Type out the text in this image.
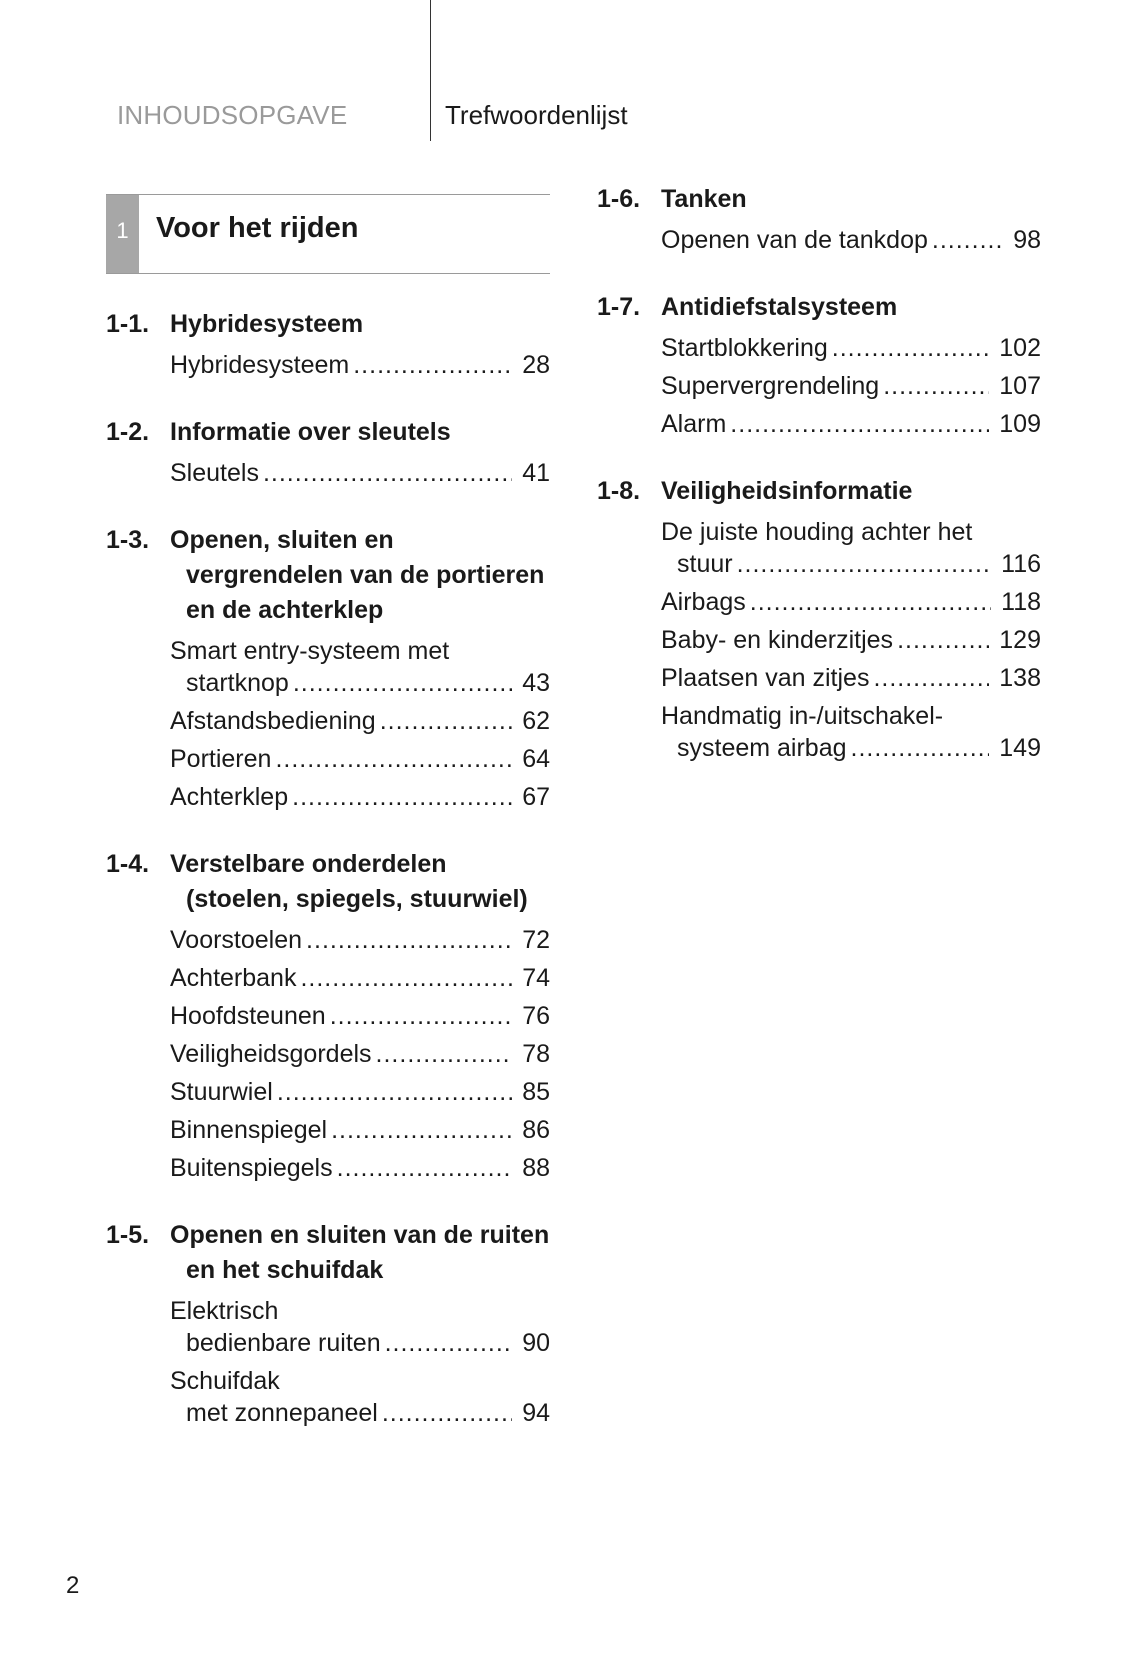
INHOUDSOPGAVE	Trefwoordenlijst
1 Voor het rijden
1-1. Hybridesysteem
Hybridesysteem .....	28
1-2. Informatie over sleutels
Sleutels .....	41
1-3. Openen, sluiten en vergrendelen van de portieren en de achterklep
Smart entry-systeem met
startknop .....	43
Afstandsbediening .....	62
Portieren .....	64
Achterklep .....	67
1-4. Verstelbare onderdelen (stoelen, spiegels, stuurwiel)
Voorstoelen .....	72
Achterbank .....	74
Hoofdsteunen .....	76
Veiligheidsgordels .....	78
Stuurwiel .....	85
Binnenspiegel .....	86
Buitenspiegels .....	88
1-5. Openen en sluiten van de ruiten en het schuifdak
Elektrisch
bedienbare ruiten .....	90
Schuifdak
met zonnepaneel .....	94
1-6. Tanken
Openen van de tankdop .....	98
1-7. Antidiefstalsysteem
Startblokkering .....	102
Supervergrendeling .....	107
Alarm .....	109
1-8. Veiligheidsinformatie
De juiste houding achter het
stuur .....	116
Airbags .....	118
Baby- en kinderzitjes .....	129
Plaatsen van zitjes .....	138
Handmatig in-/uitschakel-
systeem airbag .....	149
2
